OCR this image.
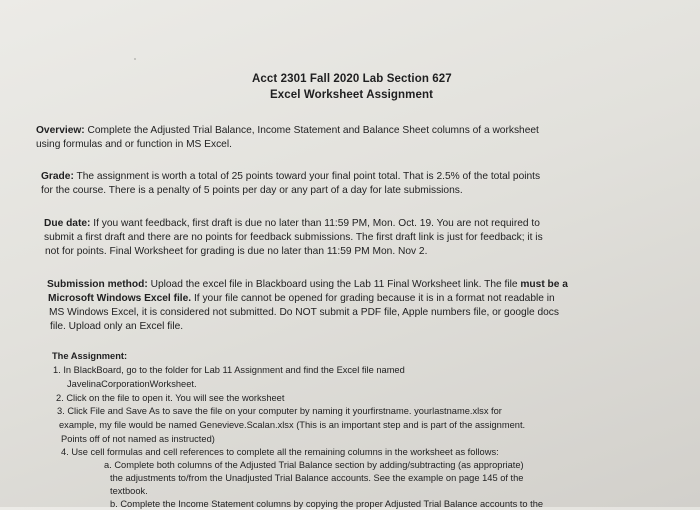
Acct 2301 Fall 2020 Lab Section 627
Excel Worksheet Assignment
Overview: Complete the Adjusted Trial Balance, Income Statement and Balance Sheet columns of a worksheet
using formulas and or function in MS Excel.
Grade: The assignment is worth a total of 25 points toward your final point total. That is 2.5% of the total points
for the course. There is a penalty of 5 points per day or any part of a day for late submissions.
Due date: If you want feedback, first draft is due no later than 11:59 PM, Mon. Oct. 19. You are not required to
submit a first draft and there are no points for feedback submissions. The first draft link is just for feedback; it is
not for points. Final Worksheet for grading is due no later than 11:59 PM Mon. Nov 2.
Submission method: Upload the excel file in Blackboard using the Lab 11 Final Worksheet link. The file must be a
Microsoft Windows Excel file. If your file cannot be opened for grading because it is in a format not readable in
MS Windows Excel, it is considered not submitted. Do NOT submit a PDF file, Apple numbers file, or google docs
file. Upload only an Excel file.
The Assignment:
1. In BlackBoard, go to the folder for Lab 11 Assignment and find the Excel file named
JavelinaCorporationWorksheet.
2. Click on the file to open it. You will see the worksheet
3. Click File and Save As to save the file on your computer by naming it yourfirstname. yourlastname.xlsx for
example, my file would be named Genevieve.Scalan.xlsx (This is an important step and is part of the assignment.
Points off of not named as instructed)
4. Use cell formulas and cell references to complete all the remaining columns in the worksheet as follows:
a. Complete both columns of the Adjusted Trial Balance section by adding/subtracting (as appropriate)
the adjustments to/from the Unadjusted Trial Balance accounts. See the example on page 145 of the
textbook.
b. Complete the Income Statement columns by copying the proper Adjusted Trial Balance accounts to the
